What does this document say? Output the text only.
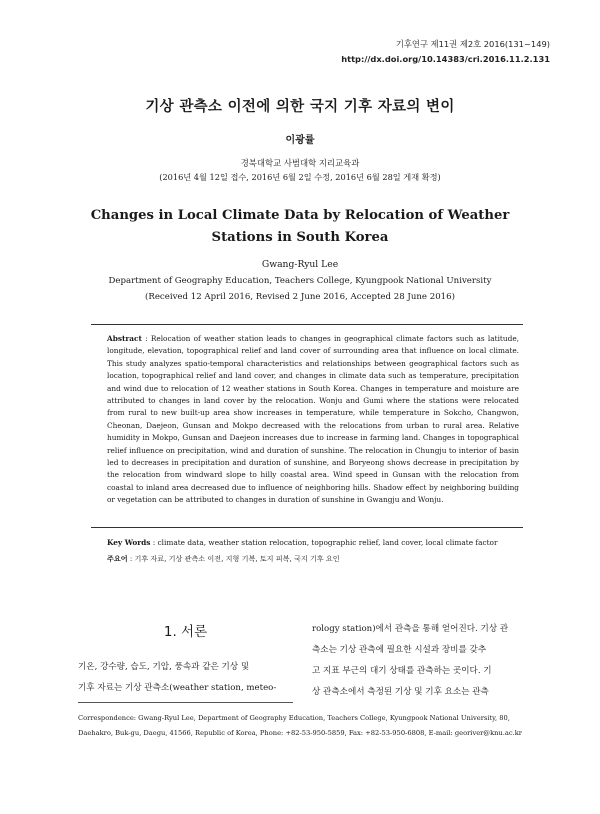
기후연구 제11권 제2호 2016(131~149)
http://dx.doi.org/10.14383/cri.2016.11.2.131
기상 관측소 이전에 의한 국지 기후 자료의 변이
이광률
경북대학교 사범대학 지리교육과
(2016년 4월 12일 접수, 2016년 6월 2일 수정, 2016년 6월 28일 게재 확정)
Changes in Local Climate Data by Relocation of Weather Stations in South Korea
Gwang-Ryul Lee
Department of Geography Education, Teachers College, Kyungpook National University
(Received 12 April 2016, Revised 2 June 2016, Accepted 28 June 2016)
Abstract : Relocation of weather station leads to changes in geographical climate factors such as latitude, longitude, elevation, topographical relief and land cover of surrounding area that influence on local climate. This study analyzes spatio-temporal characteristics and relationships between geographical factors such as location, topographical relief and land cover, and changes in climate data such as temperature, precipitation and wind due to relocation of 12 weather stations in South Korea. Changes in temperature and moisture are attributed to changes in land cover by the relocation. Wonju and Gumi where the stations were relocated from rural to new built-up area show increases in temperature, while temperature in Sokcho, Changwon, Cheonan, Daejeon, Gunsan and Mokpo decreased with the relocations from urban to rural area. Relative humidity in Mokpo, Gunsan and Daejeon increases due to increase in farming land. Changes in topographical relief influence on precipitation, wind and duration of sunshine. The relocation in Chungju to interior of basin led to decreases in precipitation and duration of sunshine, and Boryeong shows decrease in precipitation by the relocation from windward slope to hilly coastal area. Wind speed in Gunsan with the relocation from coastal to inland area decreased due to influence of neighboring hills. Shadow effect by neighboring building or vegetation can be attributed to changes in duration of sunshine in Gwangju and Wonju.
Key Words : climate data, weather station relocation, topographic relief, land cover, local climate factor
주요어 : 기후 자료, 기상 관측소 이전, 지형 기복, 토지 피복, 국지 기후 요인
1. 서론
기온, 강수량, 습도, 기압, 풍속과 같은 기상 및
기후 자료는 기상 관측소(weather station, meteo-
rology station)에서 관측을 통해 얻어진다. 기상 관
측소는 기상 관측에 필요한 시설과 장비를 갖추
고 지표 부근의 대기 상태를 관측하는 곳이다. 기
상 관측소에서 측정된 기상 및 기후 요소는 관측
Correspondence: Gwang-Ryul Lee, Department of Geography Education, Teachers College, Kyungpook National University, 80,
Daehakro, Buk-gu, Daegu, 41566, Republic of Korea, Phone: +82-53-950-5859, Fax: +82-53-950-6808, E-mail: georiver@knu.ac.kr
